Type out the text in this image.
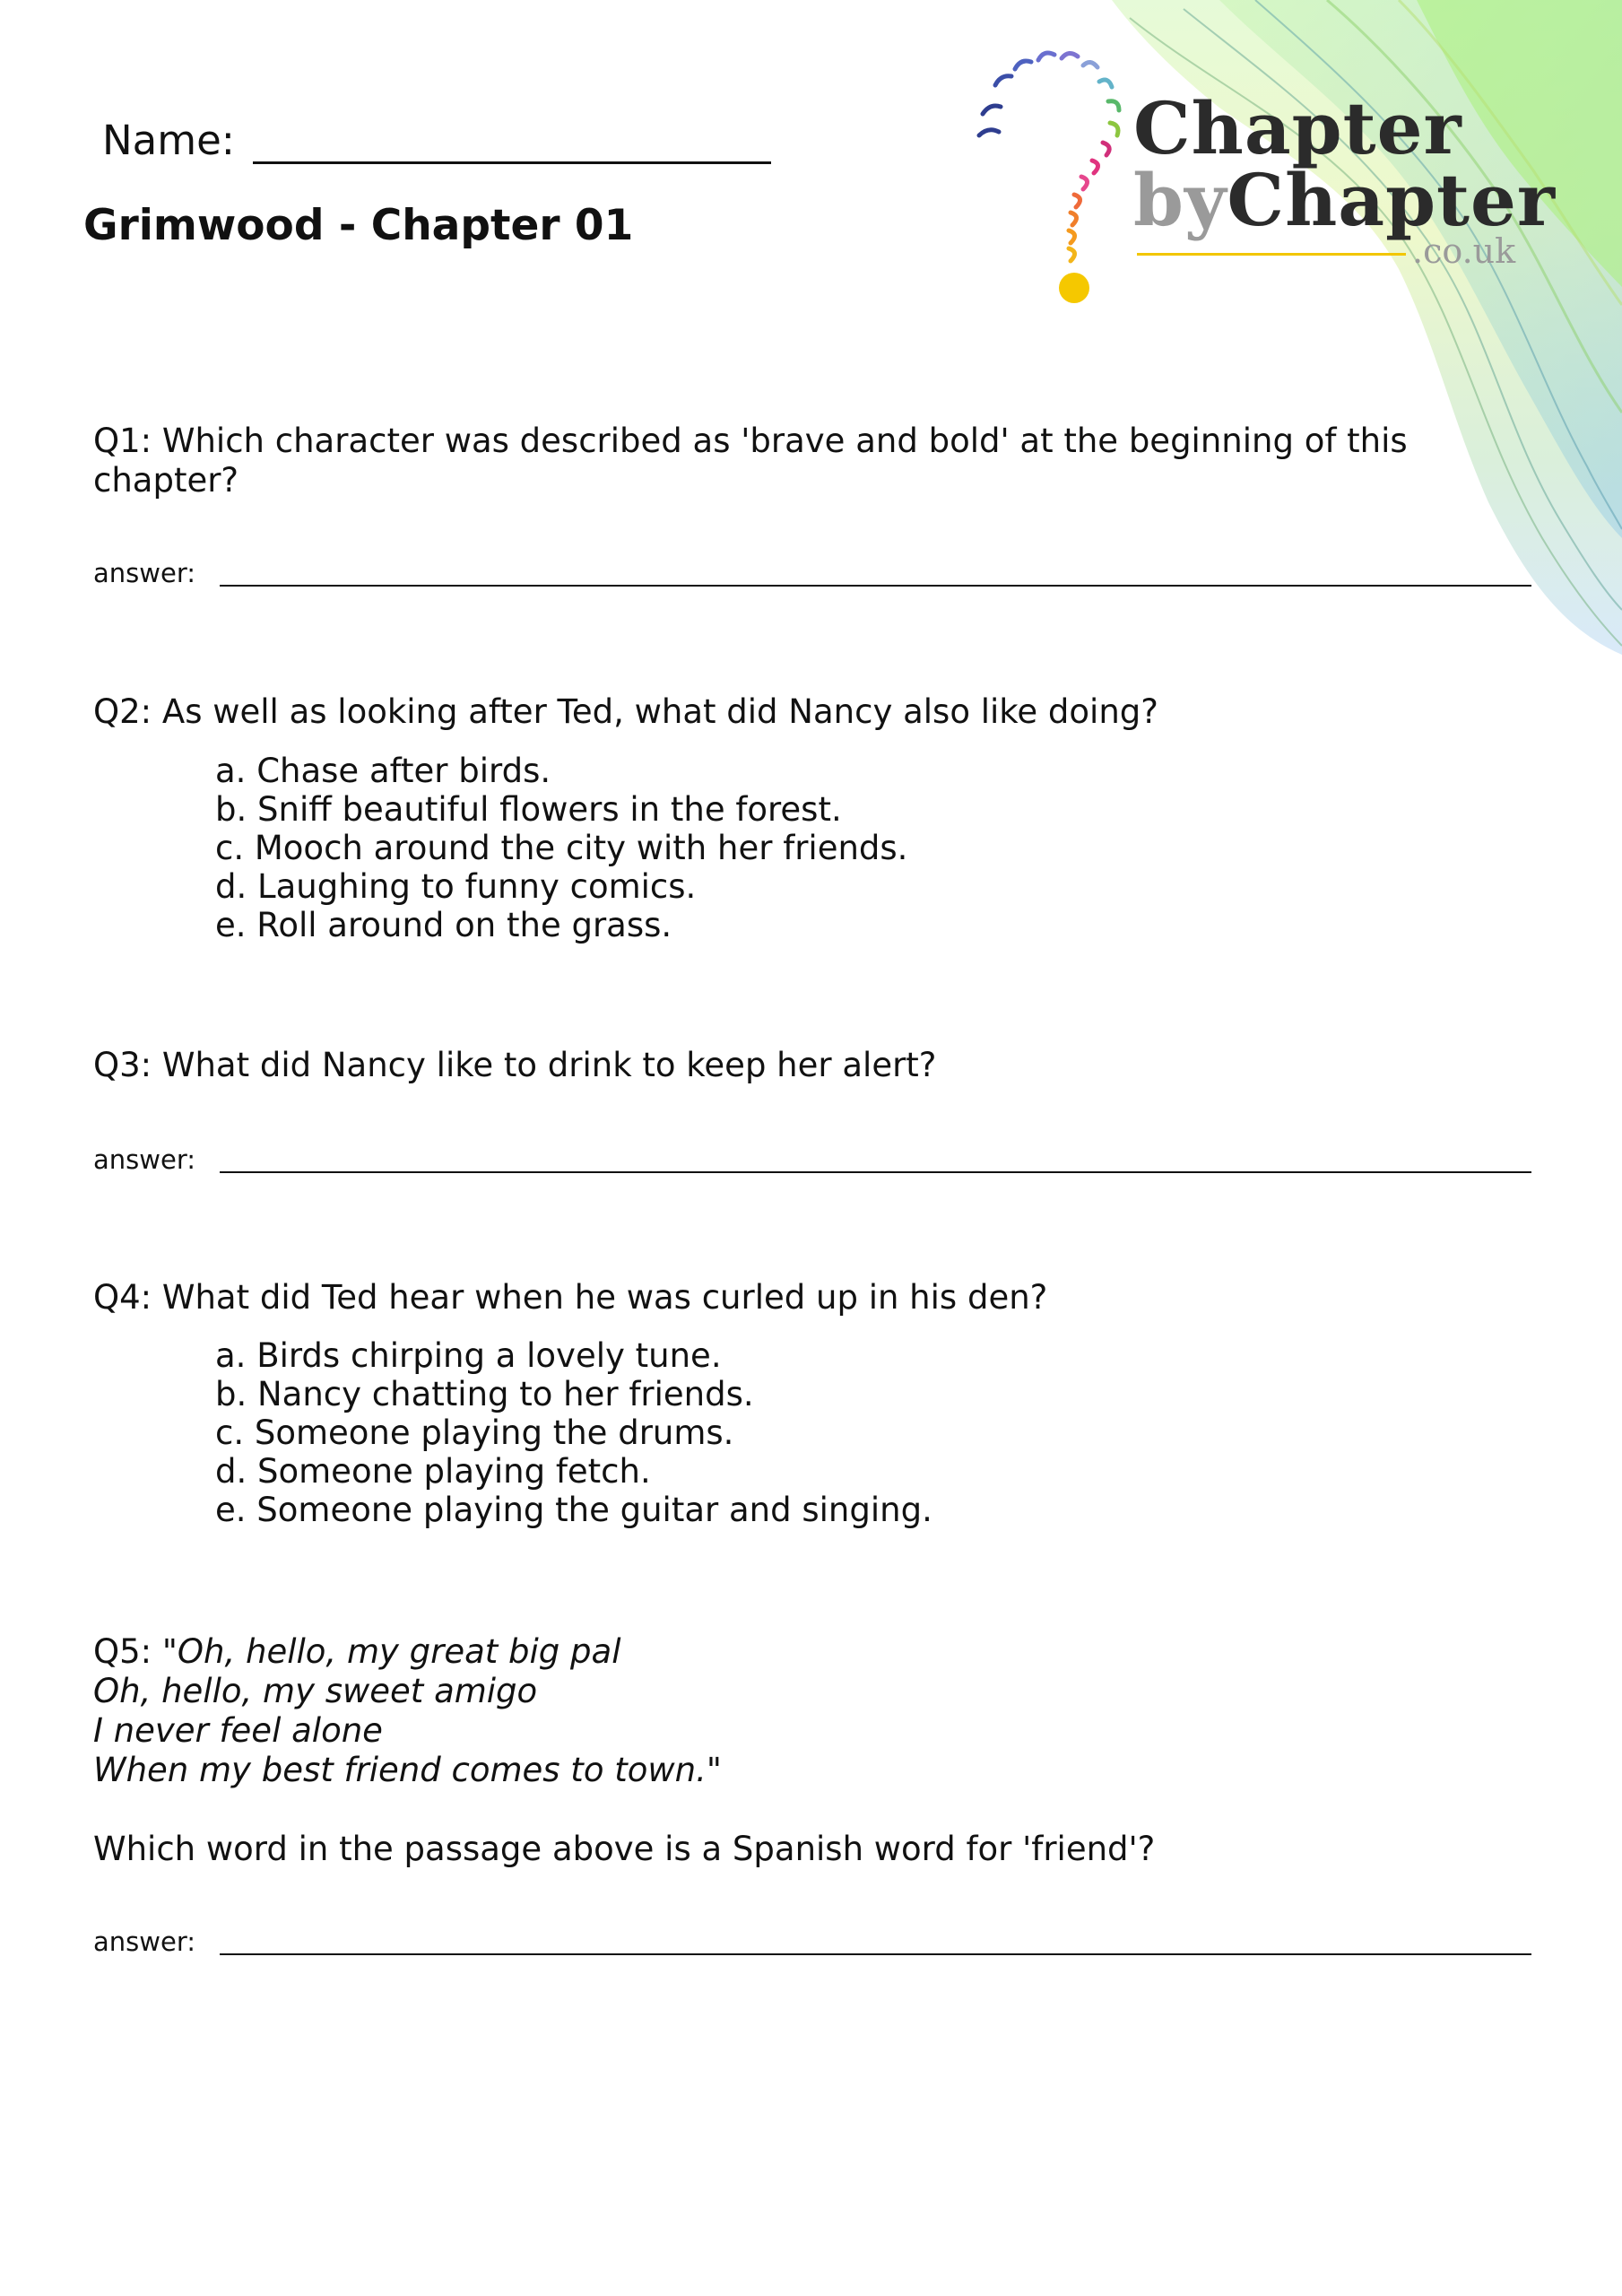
Chapter
byChapter
.co.uk
Name:
Grimwood - Chapter 01

Q1: Which character was described as 'brave and bold' at the beginning of this chapter?

answer:

Q2: As well as looking after Ted, what did Nancy also like doing?

a. Chase after birds.
b. Sniff beautiful flowers in the forest.
c. Mooch around the city with her friends.
d. Laughing to funny comics.
e. Roll around on the grass.

Q3: What did Nancy like to drink to keep her alert?

answer:

Q4: What did Ted hear when he was curled up in his den?

a. Birds chirping a lovely tune.
b. Nancy chatting to her friends.
c. Someone playing the drums.
d. Someone playing fetch.
e. Someone playing the guitar and singing.
Q5: "Oh, hello, my great big pal
Oh, hello, my sweet amigo
I never feel alone
When my best friend comes to town."

Which word in the passage above is a Spanish word for 'friend'?

answer:
